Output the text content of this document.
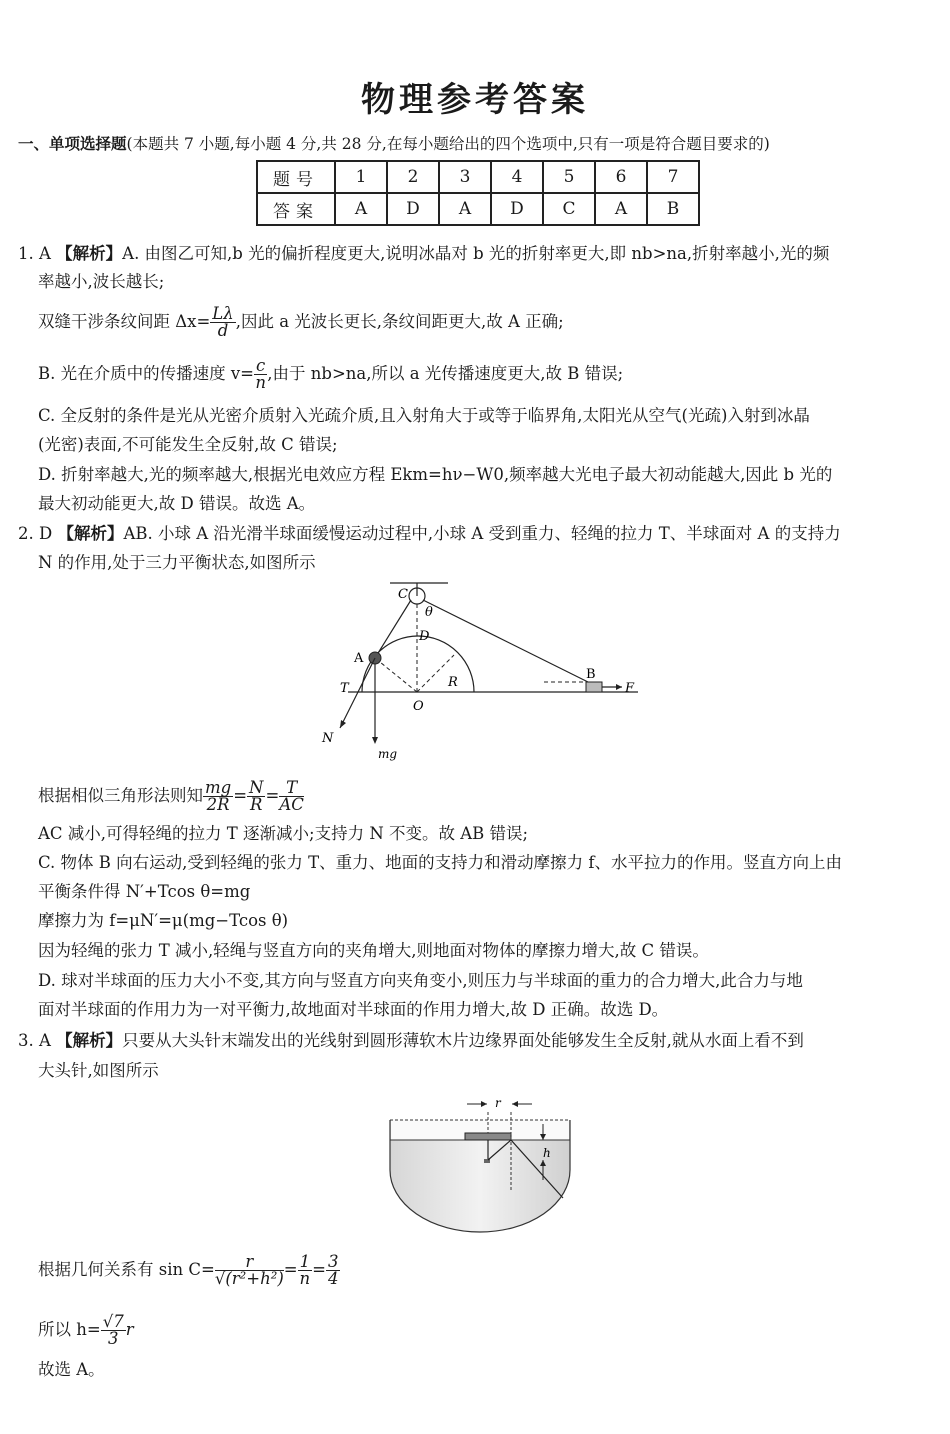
物理参考答案
一、单项选择题(本题共 7 小题,每小题 4 分,共 28 分,在每小题给出的四个选项中,只有一项是符合题目要求的)
题号	1	2	3	4	5	6	7
答案	A	D	A	D	C	A	B
1. A 【解析】A. 由图乙可知,b 光的偏折程度更大,说明冰晶对 b 光的折射率更大,即 nb>na,折射率越小,光的频
率越小,波长越长;
双缝干涉条纹间距 $\Delta x= \frac{L\lambda}{d}$ ,因此 a 光波长更长,条纹间距更大,故 A 正确;
B. 光在介质中的传播速度 $v= \frac{c}{n}$ ,由于 nb>na,所以 a 光传播速度更大,故 B 错误;
C. 全反射的条件是光从光密介质射入光疏介质,且入射角大于或等于临界角,太阳光从空气(光疏)入射到冰晶
(光密)表面,不可能发生全反射,故 C 错误;
D. 折射率越大,光的频率越大,根据光电效应方程 Ekm=hν−W0,频率越大光电子最大初动能越大,因此 b 光的
最大初动能更大,故 D 错误。故选 A。
2. D 【解析】AB. 小球 A 沿光滑半球面缓慢运动过程中,小球 A 受到重力、轻绳的拉力 T、半球面对 A 的支持力
N 的作用,处于三力平衡状态,如图所示
C
θ
D
A
B
F
R
O
T
N
mg
根据相似三角形法则知 $\frac{mg}{2R} = \frac{N}{R} = \frac{T}{AC}$
AC 减小,可得轻绳的拉力 T 逐渐减小;支持力 N 不变。故 AB 错误;
C. 物体 B 向右运动,受到轻绳的张力 T、重力、地面的支持力和滑动摩擦力 f、水平拉力的作用。竖直方向上由
平衡条件得 N′+Tcos θ=mg
摩擦力为 f=μN′=μ(mg−Tcos θ)
因为轻绳的张力 T 减小,轻绳与竖直方向的夹角增大,则地面对物体的摩擦力增大,故 C 错误。
D. 球对半球面的压力大小不变,其方向与竖直方向夹角变小,则压力与半球面的重力的合力增大,此合力与地
面对半球面的作用力为一对平衡力,故地面对半球面的作用力增大,故 D 正确。故选 D。
3. A 【解析】只要从大头针末端发出的光线射到圆形薄软木片边缘界面处能够发生全反射,就从水面上看不到
大头针,如图所示
r
h
根据几何关系有 $\sin C= \frac{r}{\text{√(r²+h²)}} = \frac{1}{n} = \frac{3}{4}$
所以 $h= \frac{√7}{3}$ r
故选 A。
